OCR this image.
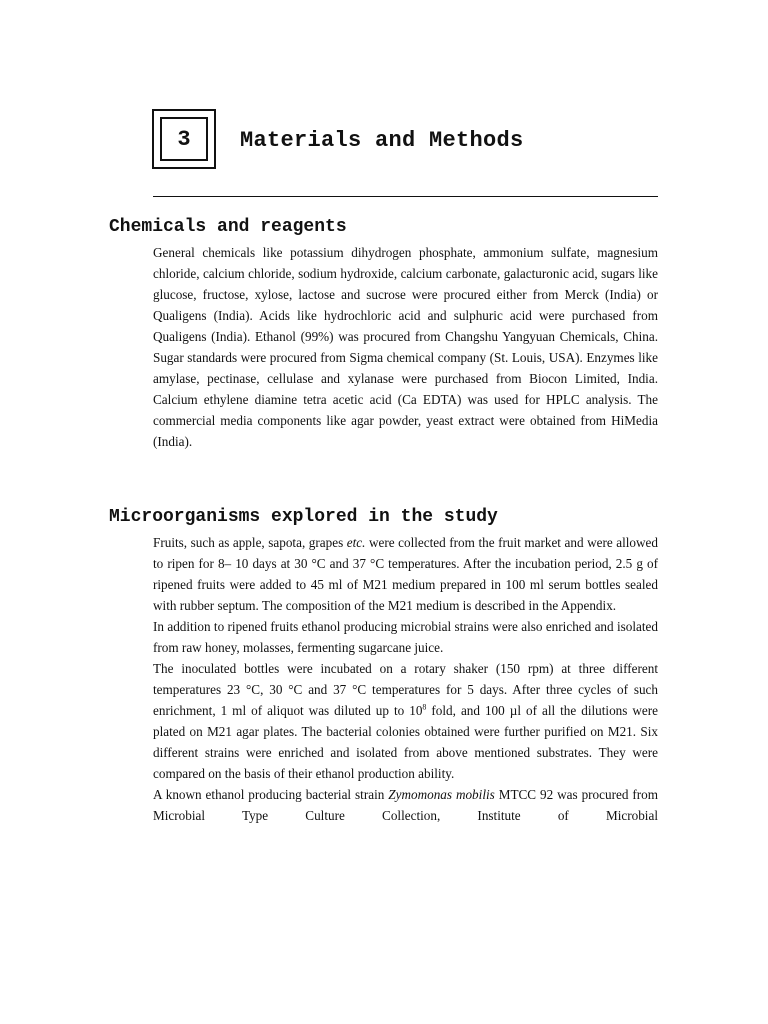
3	Materials and Methods
Chemicals and reagents

General chemicals like potassium dihydrogen phosphate, ammonium sulfate, magnesium chloride, calcium chloride, sodium hydroxide, calcium carbonate, galacturonic acid, sugars like glucose, fructose, xylose, lactose and sucrose were procured either from Merck (India) or Qualigens (India). Acids like hydrochloric acid and sulphuric acid were purchased from Qualigens (India). Ethanol (99%) was procured from Changshu Yangyuan Chemicals, China. Sugar standards were procured from Sigma chemical company (St. Louis, USA). Enzymes like amylase, pectinase, cellulase and xylanase were purchased from Biocon Limited, India. Calcium ethylene diamine tetra acetic acid (Ca EDTA) was used for HPLC analysis. The commercial media components like agar powder, yeast extract were obtained from HiMedia (India).

Microorganisms explored in the study

Fruits, such as apple, sapota, grapes etc. were collected from the fruit market and were allowed to ripen for 8– 10 days at 30 °C and 37 °C temperatures. After the incubation period, 2.5 g of ripened fruits were added to 45 ml of M21 medium prepared in 100 ml serum bottles sealed with rubber septum. The composition of the M21 medium is described in the Appendix.

In addition to ripened fruits ethanol producing microbial strains were also enriched and isolated from raw honey, molasses, fermenting sugarcane juice.

The inoculated bottles were incubated on a rotary shaker (150 rpm) at three different temperatures 23 °C, 30 °C and 37 °C temperatures for 5 days. After three cycles of such enrichment, 1 ml of aliquot was diluted up to $10^8$ fold, and 100 µl of all the dilutions were plated on M21 agar plates. The bacterial colonies obtained were further purified on M21. Six different strains were enriched and isolated from above mentioned substrates. They were compared on the basis of their ethanol production ability.

A known ethanol producing bacterial strain Zymomonas mobilis MTCC 92 was procured from Microbial Type Culture Collection, Institute of Microbial
